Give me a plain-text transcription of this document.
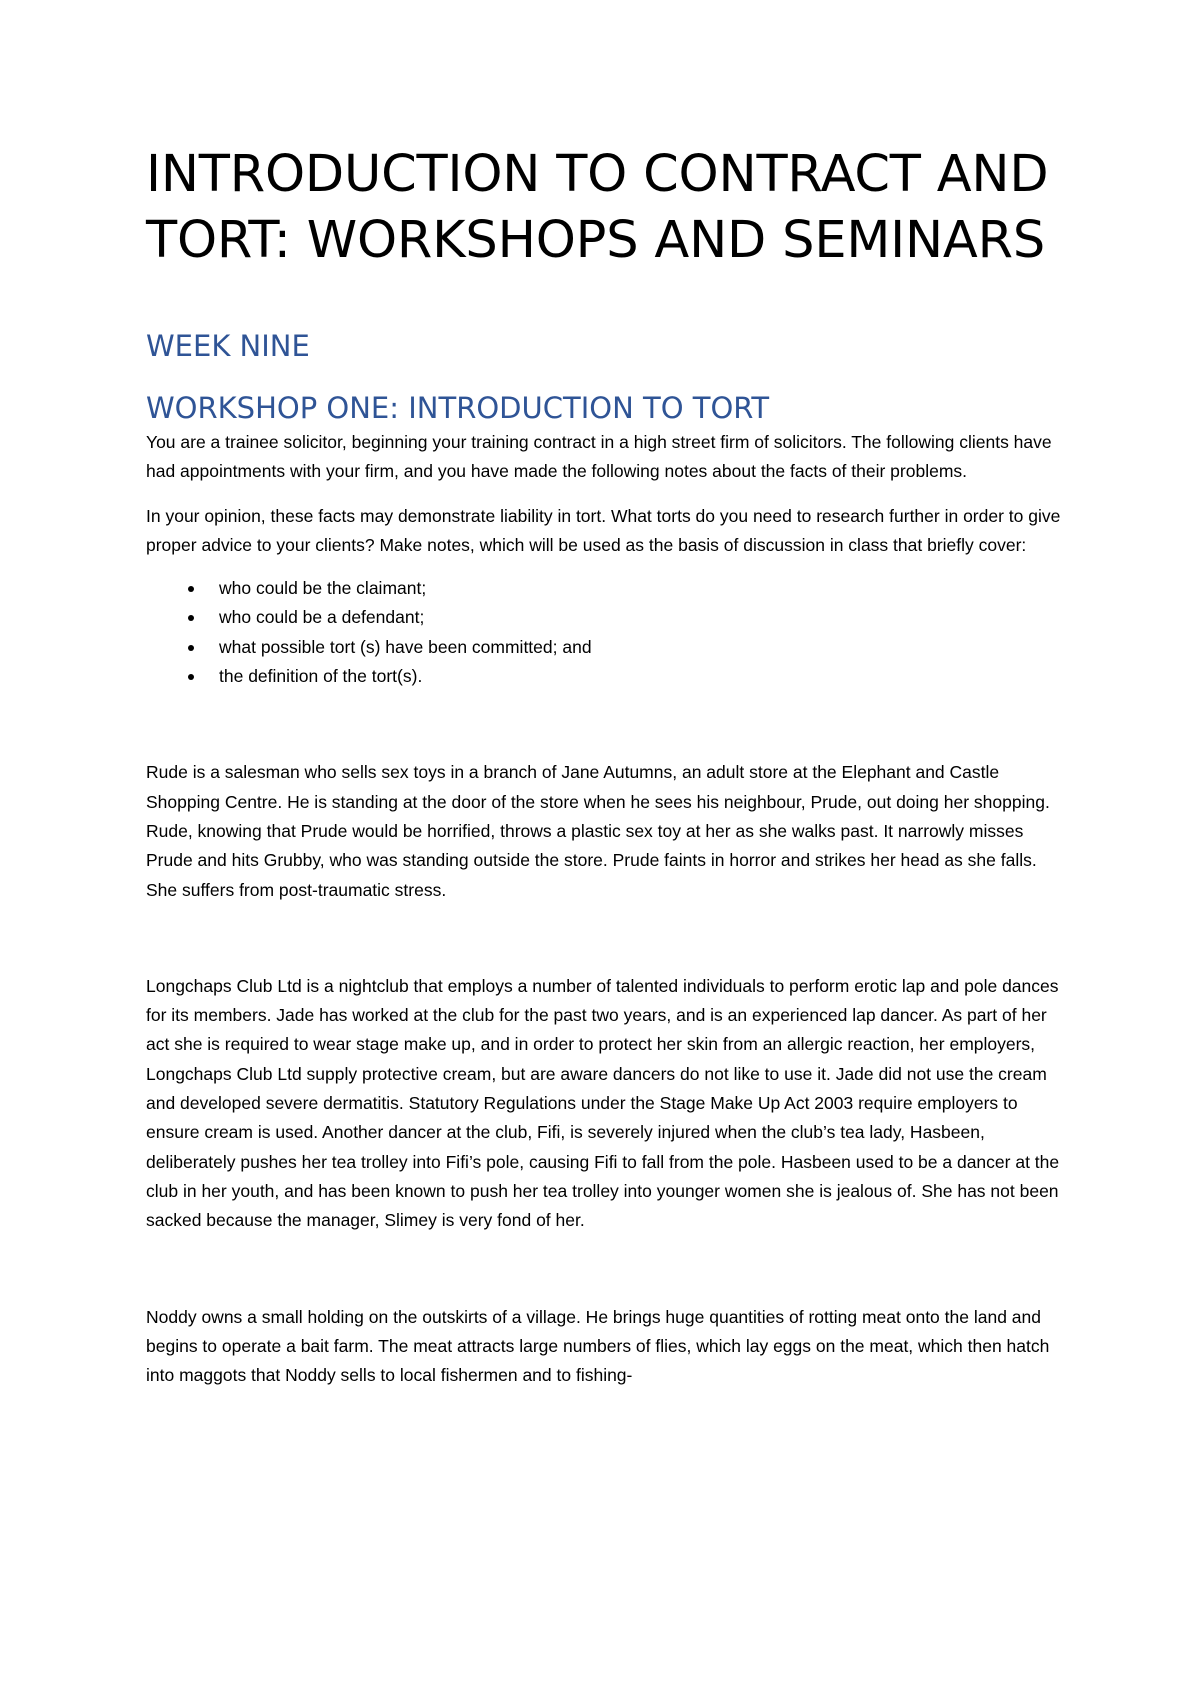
INTRODUCTION TO CONTRACT AND TORT: WORKSHOPS AND SEMINARS
WEEK NINE
WORKSHOP ONE: INTRODUCTION TO TORT

You are a trainee solicitor, beginning your training contract in a high street firm of solicitors. The following clients have had appointments with your firm, and you have made the following notes about the facts of their problems.

In your opinion, these facts may demonstrate liability in tort. What torts do you need to research further in order to give proper advice to your clients? Make notes, which will be used as the basis of discussion in class that briefly cover:

who could be the claimant;
who could be a defendant;
what possible tort (s) have been committed; and
the definition of the tort(s).

Rude is a salesman who sells sex toys in a branch of Jane Autumns, an adult store at the Elephant and Castle Shopping Centre. He is standing at the door of the store when he sees his neighbour, Prude, out doing her shopping. Rude, knowing that Prude would be horrified, throws a plastic sex toy at her as she walks past. It narrowly misses Prude and hits Grubby, who was standing outside the store. Prude faints in horror and strikes her head as she falls. She suffers from post-traumatic stress.

Longchaps Club Ltd is a nightclub that employs a number of talented individuals to perform erotic lap and pole dances for its members. Jade has worked at the club for the past two years, and is an experienced lap dancer. As part of her act she is required to wear stage make up, and in order to protect her skin from an allergic reaction, her employers, Longchaps Club Ltd supply protective cream, but are aware dancers do not like to use it. Jade did not use the cream and developed severe dermatitis. Statutory Regulations under the Stage Make Up Act 2003 require employers to ensure cream is used. Another dancer at the club, Fifi, is severely injured when the club’s tea lady, Hasbeen, deliberately pushes her tea trolley into Fifi’s pole, causing Fifi to fall from the pole. Hasbeen used to be a dancer at the club in her youth, and has been known to push her tea trolley into younger women she is jealous of. She has not been sacked because the manager, Slimey is very fond of her.

Noddy owns a small holding on the outskirts of a village. He brings huge quantities of rotting meat onto the land and begins to operate a bait farm. The meat attracts large numbers of flies, which lay eggs on the meat, which then hatch into maggots that Noddy sells to local fishermen and to fishing-
